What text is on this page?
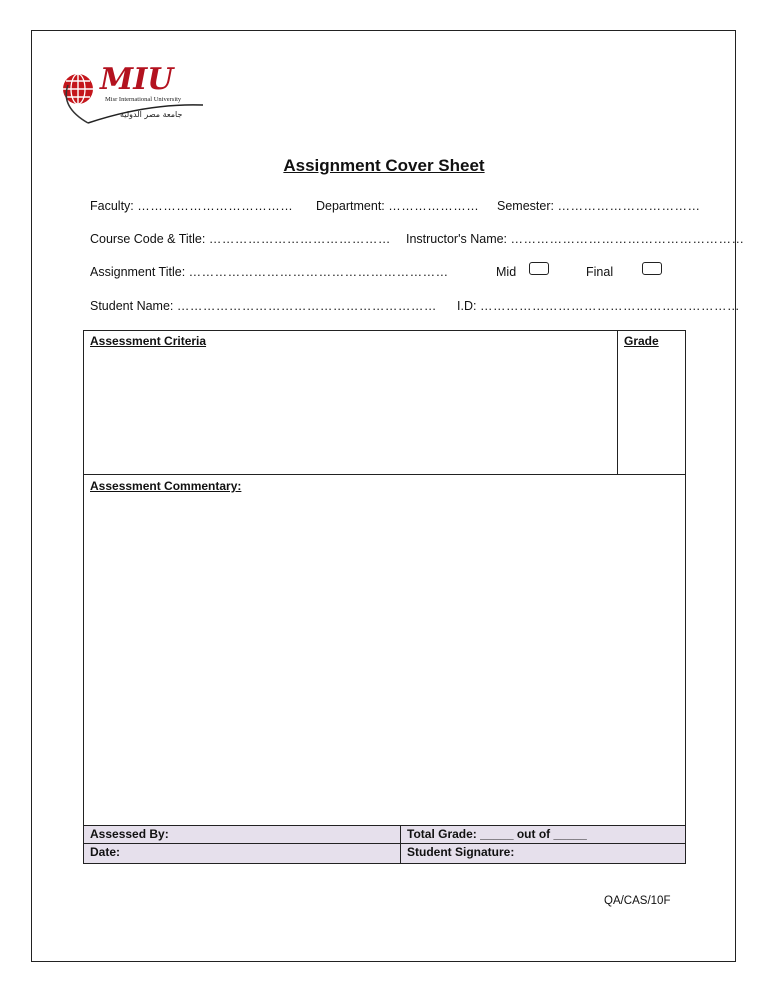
MIU
Misr International University
جامعة مصر الدولية
Assignment Cover Sheet
Faculty: ……………………………… Department: ………………… Semester: ……………………………
Course Code & Title: …………………………………… Instructor's Name: ………………………………………………
Assignment Title: ……………………………………………………	Mid	Final
Student Name: …………………………………………………… I.D: ……………………………………………………
Assessment Criteria	Grade
Assessment Commentary:
Assessed By:	Total Grade: _____ out of _____
Date:	Student Signature:
QA/CAS/10F
